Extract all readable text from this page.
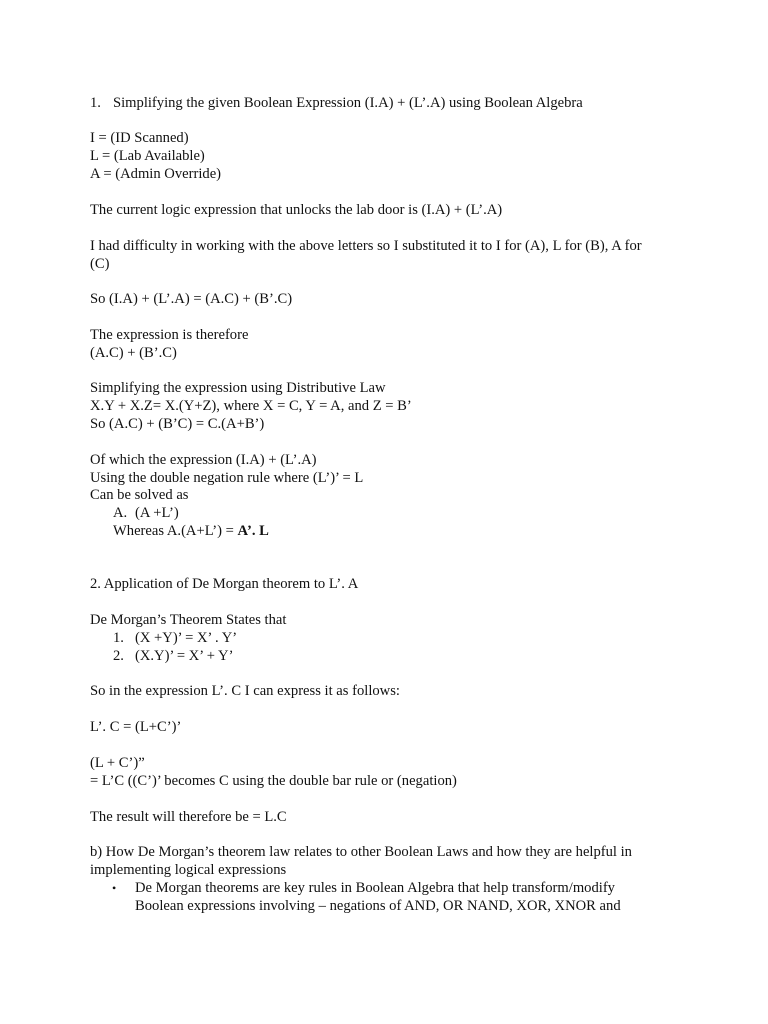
1. Simplifying the given Boolean Expression (I.A) + (L’.A) using Boolean Algebra
I = (ID Scanned)
L = (Lab Available)
A = (Admin Override)
The current logic expression that unlocks the lab door is (I.A) + (L’.A)
I had difficulty in working with the above letters so I substituted it to I for (A), L for (B), A for
(C)
So (I.A) + (L’.A) = (A.C) + (B’.C)
The expression is therefore
(A.C) + (B’.C)
Simplifying the expression using Distributive Law
X.Y + X.Z= X.(Y+Z), where X = C, Y = A, and Z = B’
So (A.C) + (B’C) = C.(A+B’)
Of which the expression (I.A) + (L’.A)
Using the double negation rule where (L’)’ = L
Can be solved as
A. (A +L’)
Whereas A.(A+L’) = A’. L
2. Application of De Morgan theorem to L’. A
De Morgan’s Theorem States that
1. (X +Y)’ = X’ . Y’
2. (X.Y)’ = X’ + Y’
So in the expression L’. C I can express it as follows:
L’. C = (L+C’)’
(L + C’)”
= L’C ((C’)’ becomes C using the double bar rule or (negation)
The result will therefore be = L.C
b) How De Morgan’s theorem law relates to other Boolean Laws and how they are helpful in
implementing logical expressions
• De Morgan theorems are key rules in Boolean Algebra that help transform/modify
Boolean expressions involving – negations of AND, OR NAND, XOR, XNOR and
